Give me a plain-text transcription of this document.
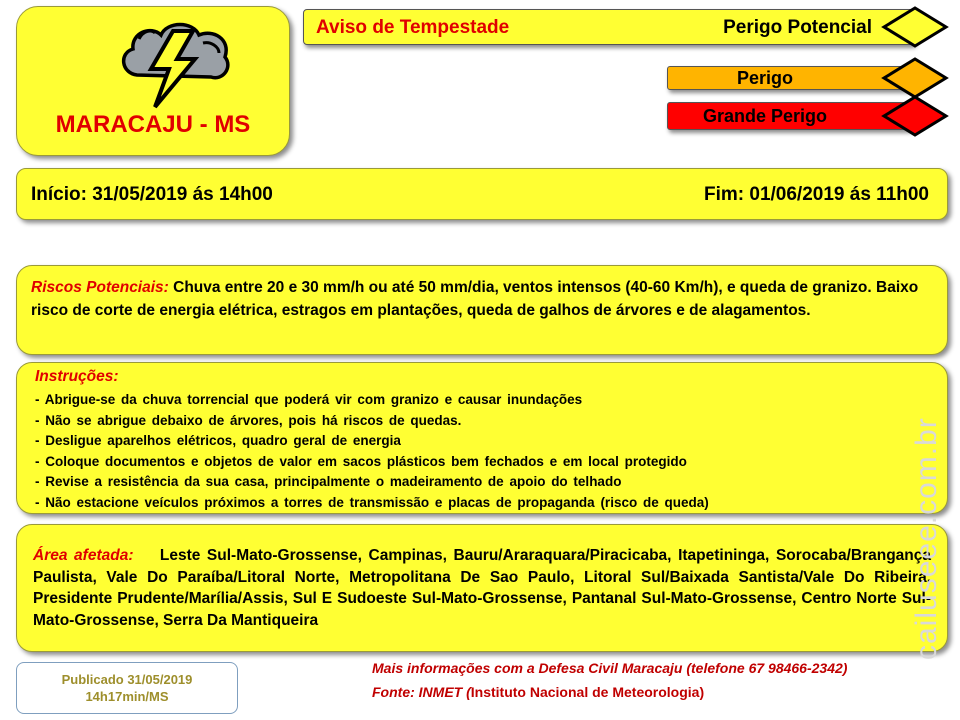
MARACAJU - MS
Aviso de Tempestade	Perigo Potencial
Perigo
Grande Perigo
Início: 31/05/2019 ás 14h00	Fim: 01/06/2019 ás 11h00
Riscos Potenciais: Chuva entre 20 e 30 mm/h ou até 50 mm/dia, ventos intensos (40-60 Km/h), e queda de granizo. Baixo risco de corte de energia elétrica, estragos em plantações, queda de galhos de árvores e de alagamentos.
Instruções:
- Abrigue-se da chuva torrencial que poderá vir com granizo e causar inundações
- Não se abrigue debaixo de árvores, pois há riscos de quedas.
- Desligue aparelhos elétricos, quadro geral de energia
- Coloque documentos e objetos de valor em sacos plásticos bem fechados e em local protegido
- Revise a resistência da sua casa, principalmente o madeiramento de apoio do telhado
- Não estacione veículos próximos a torres de transmissão e placas de propaganda (risco de queda)
Área afetada: Leste Sul-Mato-Grossense, Campinas, Bauru/Araraquara/Piracicaba, Itapetininga, Sorocaba/Brangança Paulista, Vale Do Paraíba/Litoral Norte, Metropolitana De Sao Paulo, Litoral Sul/Baixada Santista/Vale Do Ribeira, Presidente Prudente/Marília/Assis, Sul E Sudoeste Sul-Mato-Grossense, Pantanal Sul-Mato-Grossense, Centro Norte Sul-Mato-Grossense, Serra Da Mantiqueira
Publicado 31/05/2019
14h17min/MS
Mais informações com a Defesa Civil Maracaju (telefone 67 98466-2342)
Fonte: INMET (Instituto Nacional de Meteorologia)
cailuseee.com.br
